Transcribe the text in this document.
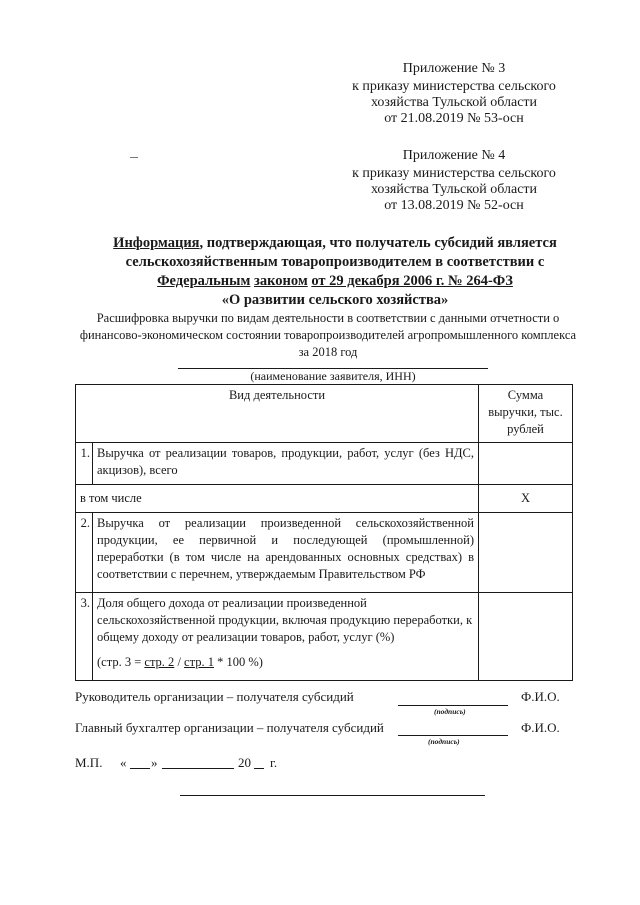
Приложение № 3
к приказу министерства сельского
хозяйства Тульской области
от 21.08.2019 № 53-осн
Приложение № 4
к приказу министерства сельского
хозяйства Тульской области
от 13.08.2019 № 52-осн
Информация, подтверждающая, что получатель субсидий является
сельскохозяйственным товаропроизводителем в соответствии с
Федеральным законом от 29 декабря 2006 г. № 264-ФЗ
«О развитии сельского хозяйства»
Расшифровка выручки по видам деятельности в соответствии с данными отчетности о
финансово-экономическом состоянии товаропроизводителей агропромышленного комплекса
за 2018 год
(наименование заявителя, ИНН)
Вид деятельности		Сумма
выручки, тыс.
рублей

1.	Выручка от реализации товаров, продукции, работ, услуг (без НДС, акцизов), всего	
в том числе		X
2.	Выручка от реализации произведенной сельскохозяйственной продукции, ее первичной и последующей (промышленной) переработки (в том числе на арендованных основных средствах) в соответствии с перечнем, утверждаемым Правительством РФ	
3.	Доля общего дохода от реализации произведенной сельскохозяйственной продукции, включая продукцию переработки, к общему доходу от реализации товаров, работ, услуг (%)
(стр. 3 = стр. 2 / стр. 1 * 100 %)	

Руководитель организации – получателя субсидий
(подпись)
Ф.И.О.
Главный бухгалтер организации – получателя субсидий
(подпись)
Ф.И.О.
М.П. « »	20 г.
